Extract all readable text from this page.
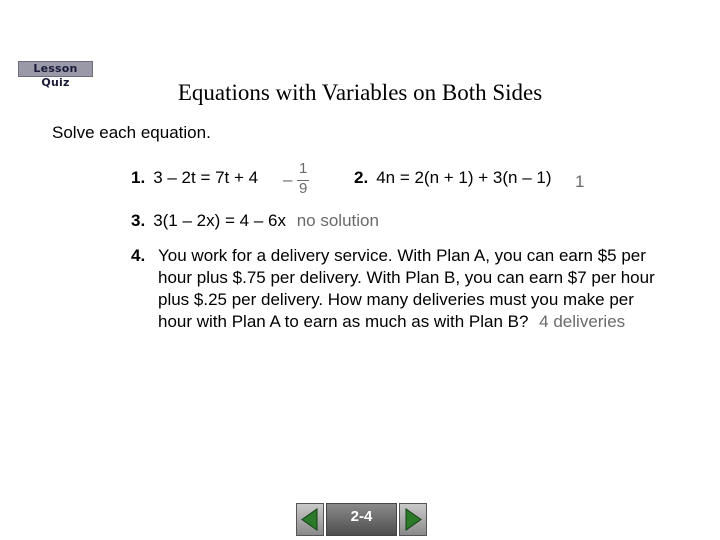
Lesson Quiz	Equations with Variables on Both Sides
Solve each equation.
1. 3 – 2t = 7t + 4 –
1
9
2. 4n = 2(n + 1) + 3(n – 1) 1
3. 3(1 – 2x) = 4 – 6x no solution
4. You work for a delivery service. With Plan A, you can earn $5 per hour plus $.75 per delivery. With Plan B, you can earn $7 per hour plus $.25 per delivery. How many deliveries must you make per hour with Plan A to earn as much as with Plan B? 4 deliveries
2-4
